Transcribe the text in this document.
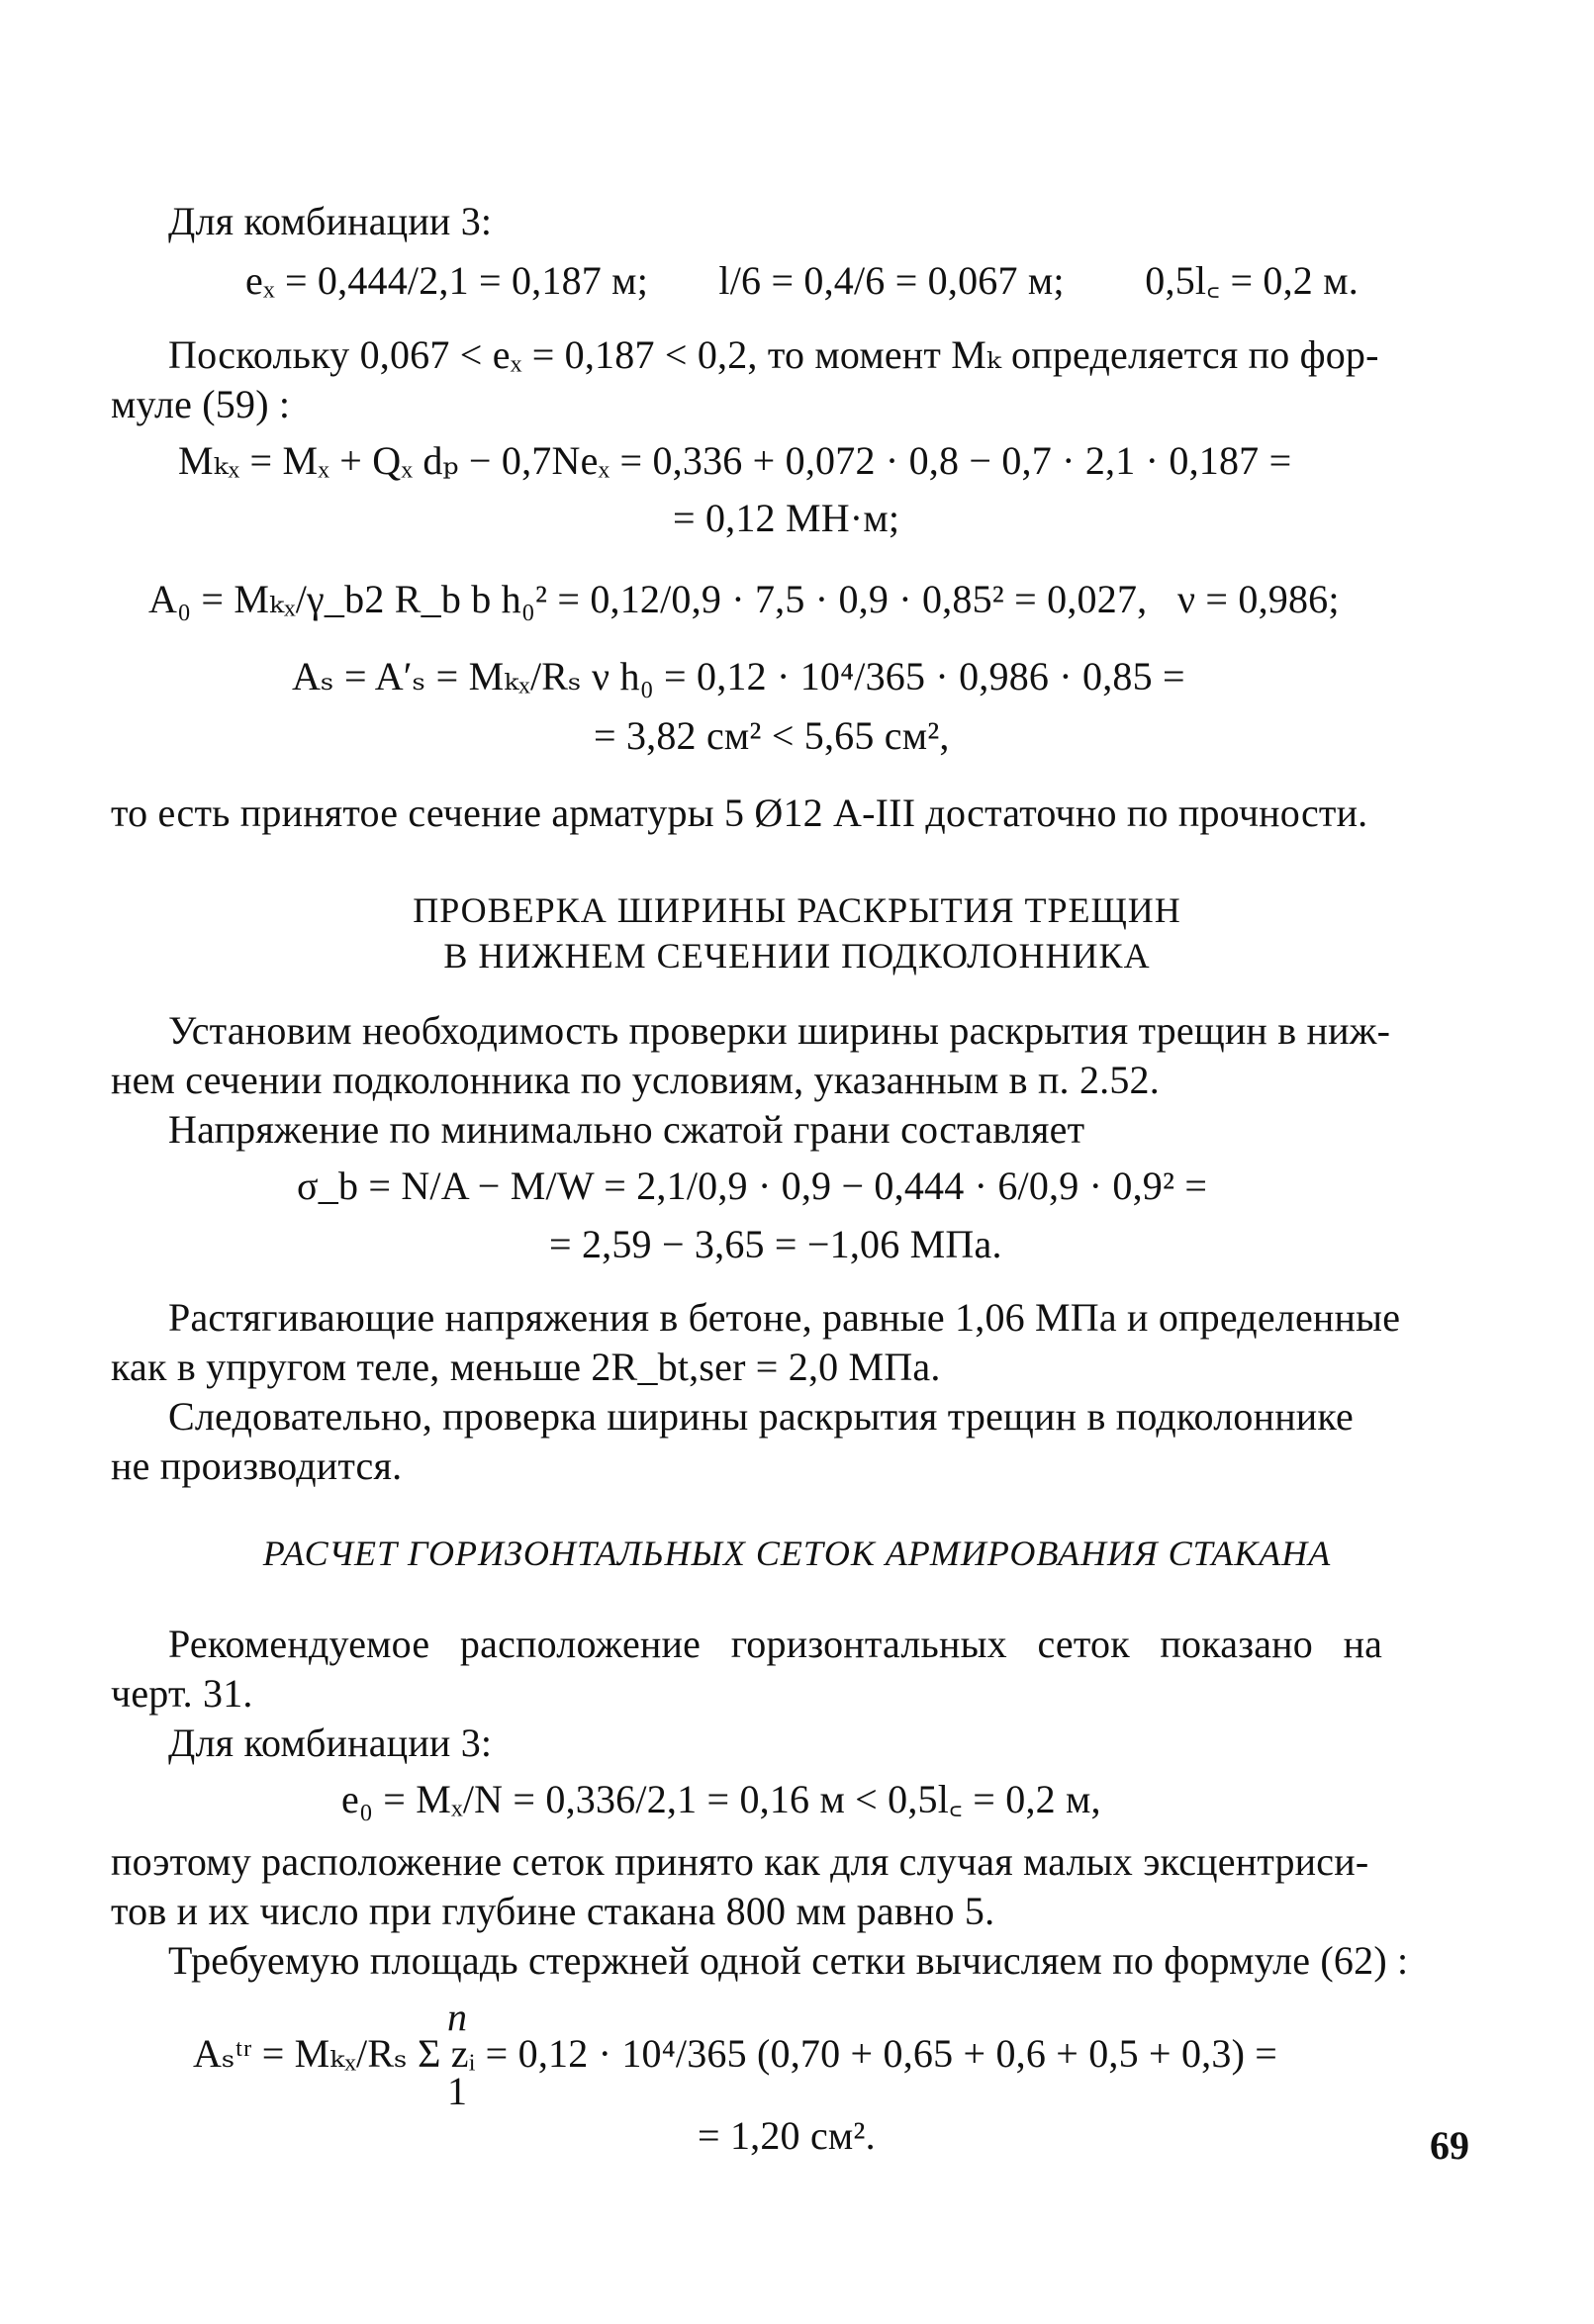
Для комбинации 3:
eₓ = 0,444/2,1 = 0,187 м;       l/6 = 0,4/6 = 0,067 м;        0,5l꜀ = 0,2 м.
Поскольку 0,067 < eₓ = 0,187 < 0,2, то момент Mₖ определяется по фор-
муле (59) :
Mₖₓ = Mₓ + Qₓ dₚ − 0,7Neₓ = 0,336 + 0,072 · 0,8 − 0,7 · 2,1 · 0,187 =
= 0,12 МН·м;
A₀ = Mₖₓ/γ_b2 R_b b h₀² = 0,12/0,9 · 7,5 · 0,9 · 0,85² = 0,027,   ν = 0,986;
Aₛ = A′ₛ = Mₖₓ/Rₛ ν h₀ = 0,12 · 10⁴/365 · 0,986 · 0,85 =
= 3,82 см² < 5,65 см²,
то есть принятое сечение арматуры 5 Ø12 А-III достаточно по прочности.
ПРОВЕРКА ШИРИНЫ РАСКРЫТИЯ ТРЕЩИН
В НИЖНЕМ СЕЧЕНИИ ПОДКОЛОННИКА
Установим необходимость проверки ширины раскрытия трещин в ниж-
нем сечении подколонника по условиям, указанным в п. 2.52.
Напряжение по минимально сжатой грани составляет
σ_b = N/A − M/W = 2,1/0,9 · 0,9 − 0,444 · 6/0,9 · 0,9² =
= 2,59 − 3,65 = −1,06 МПа.
Растягивающие напряжения в бетоне, равные 1,06 МПа и определенные
как в упругом теле, меньше 2R_bt,ser = 2,0 МПа.
Следовательно, проверка ширины раскрытия трещин в подколоннике
не производится.
РАСЧЕТ ГОРИЗОНТАЛЬНЫХ СЕТОК АРМИРОВАНИЯ СТАКАНА
Рекомендуемое   расположение   горизонтальных   сеток   показано   на
черт. 31.
Для комбинации 3:
e₀ = Mₓ/N = 0,336/2,1 = 0,16 м < 0,5l꜀ = 0,2 м,
поэтому расположение сеток принято как для случая малых эксцентриси-
тов и их число при глубине стакана 800 мм равно 5.
Требуемую площадь стержней одной сетки вычисляем по формуле (62) :
n
Aₛᵗʳ = Mₖₓ/Rₛ Σ zᵢ = 0,12 · 10⁴/365 (0,70 + 0,65 + 0,6 + 0,5 + 0,3) =
1
= 1,20 см².	69
